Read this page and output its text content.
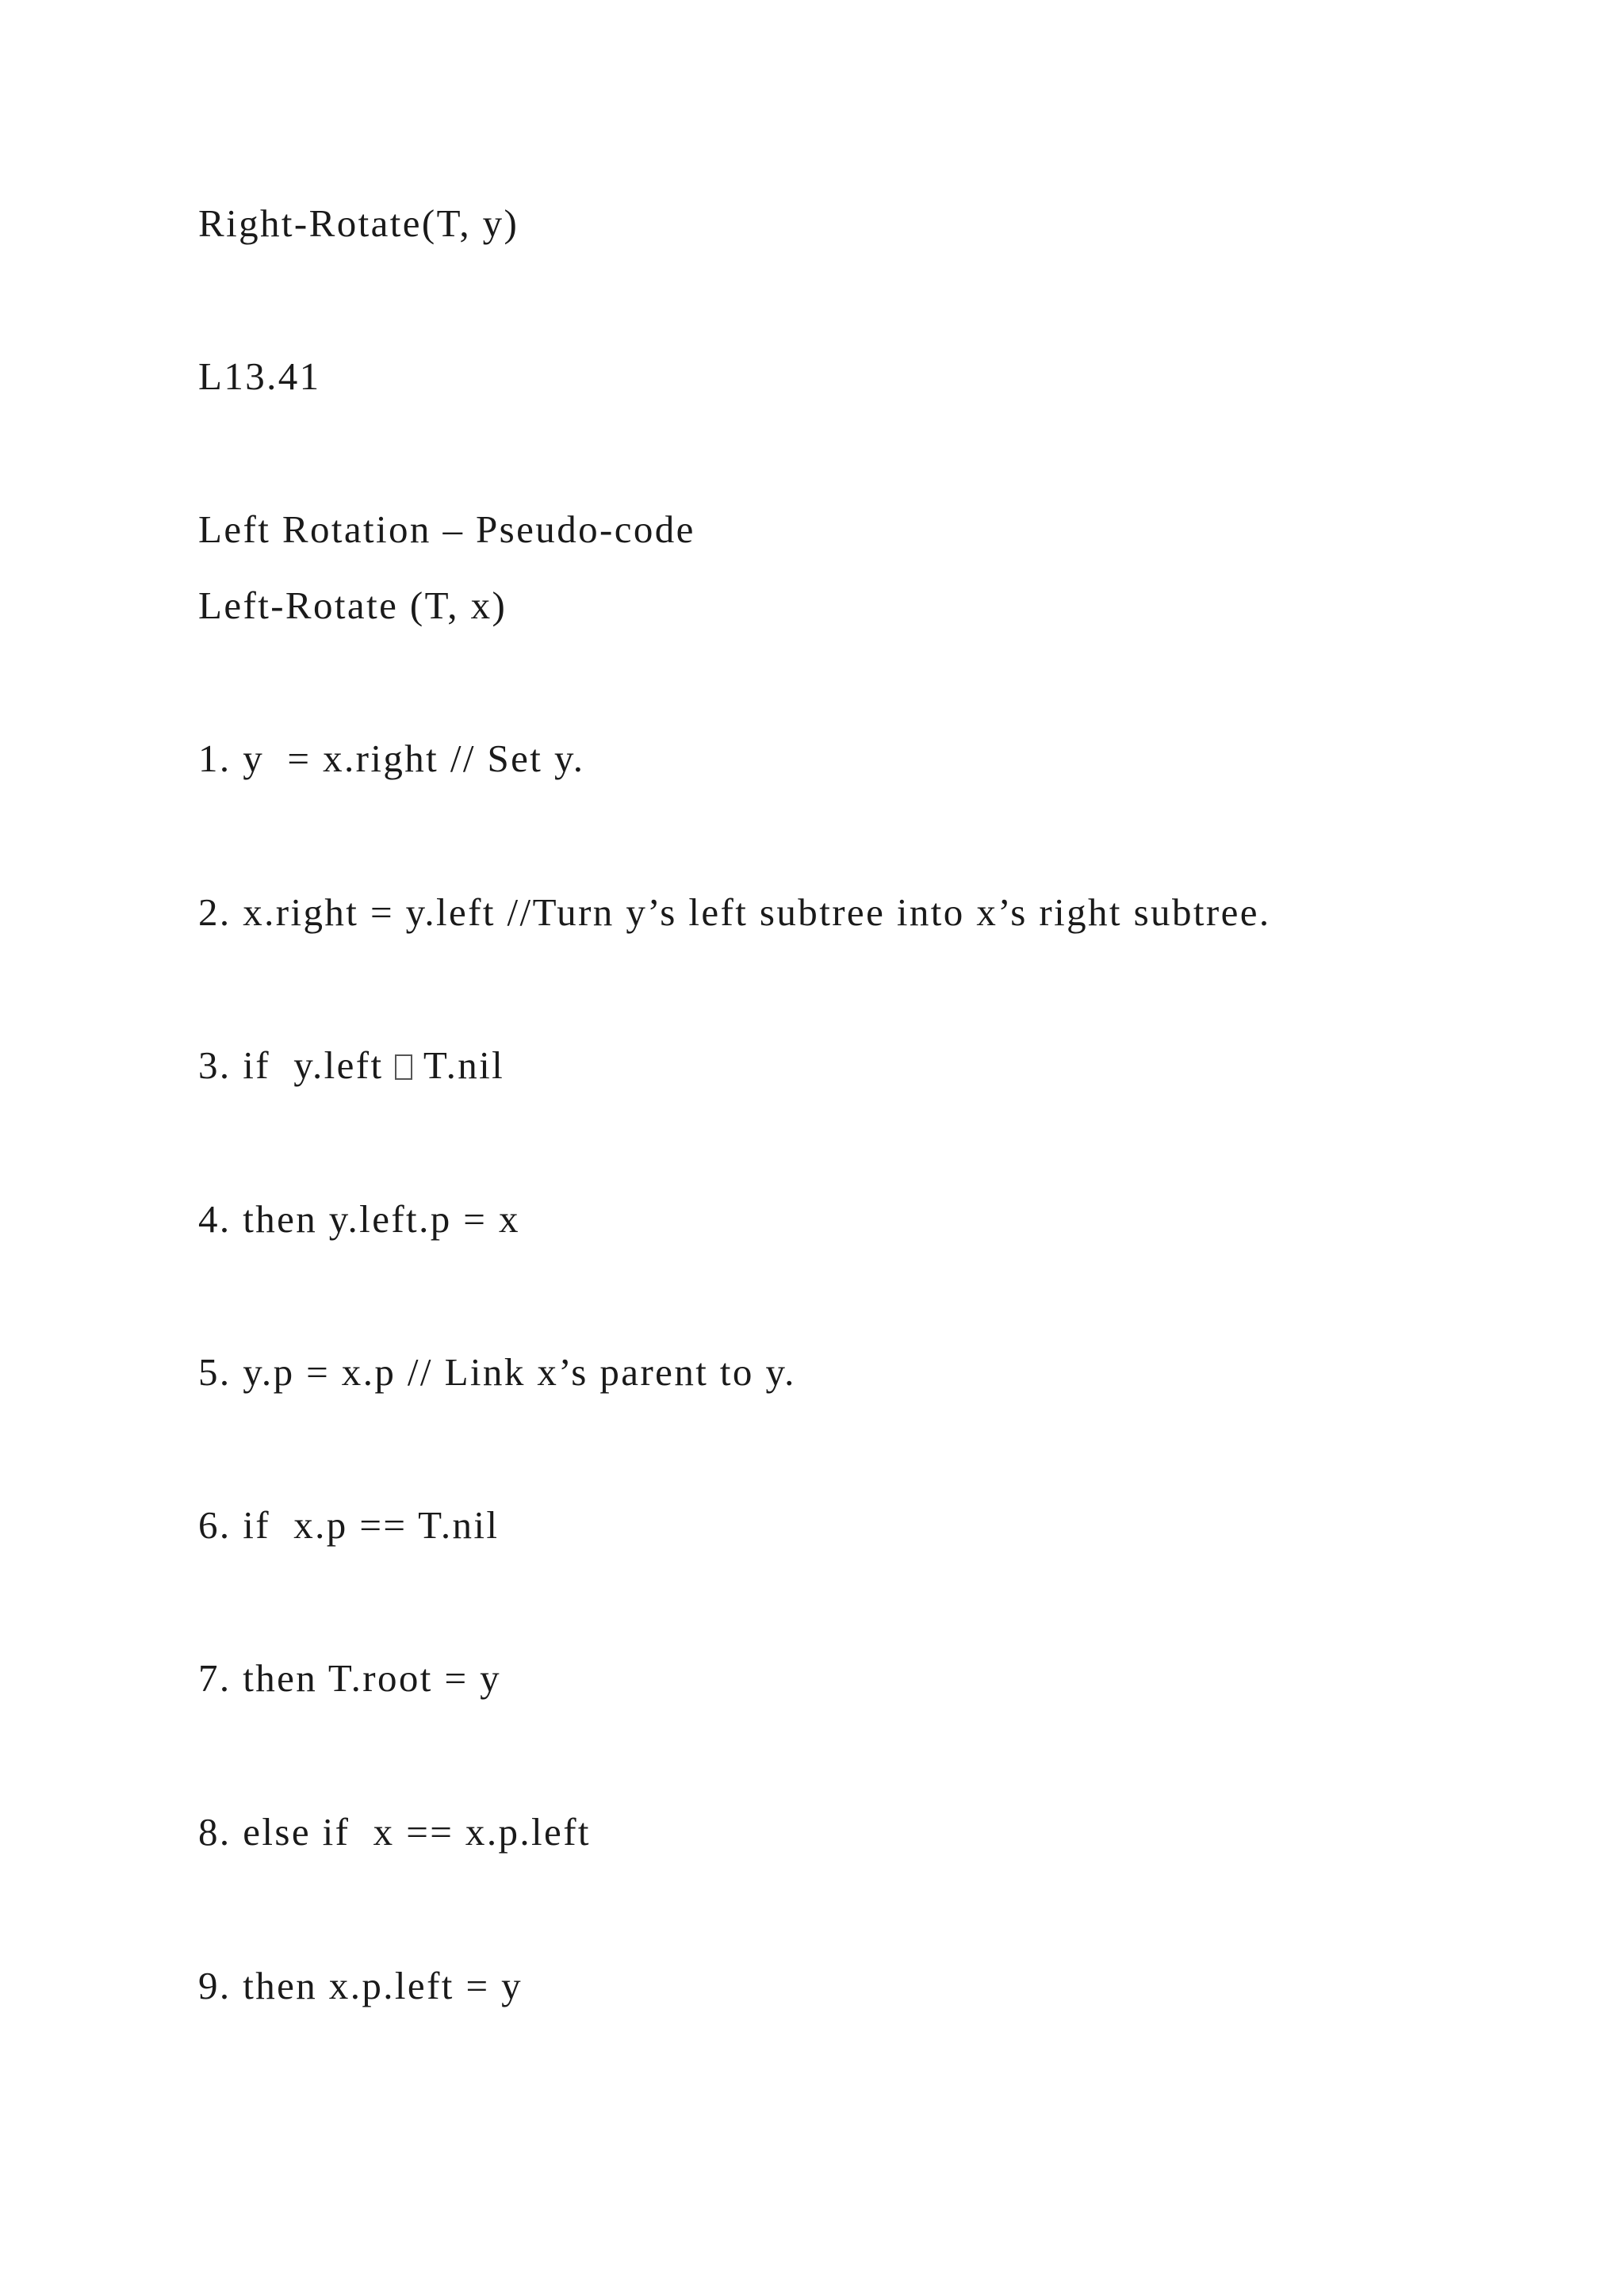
Right-Rotate(T, y)

L13.41

Left Rotation – Pseudo-code

Left-Rotate (T, x)

1. y  = x.right // Set y.

2. x.right = y.left //Turn y’s left subtree into x’s right subtree.

3. if  y.left  T.nil

4. then y.left.p = x

5. y.p = x.p // Link x’s parent to y.

6. if  x.p == T.nil

7. then T.root = y

8. else if  x == x.p.left

9. then x.p.left = y
